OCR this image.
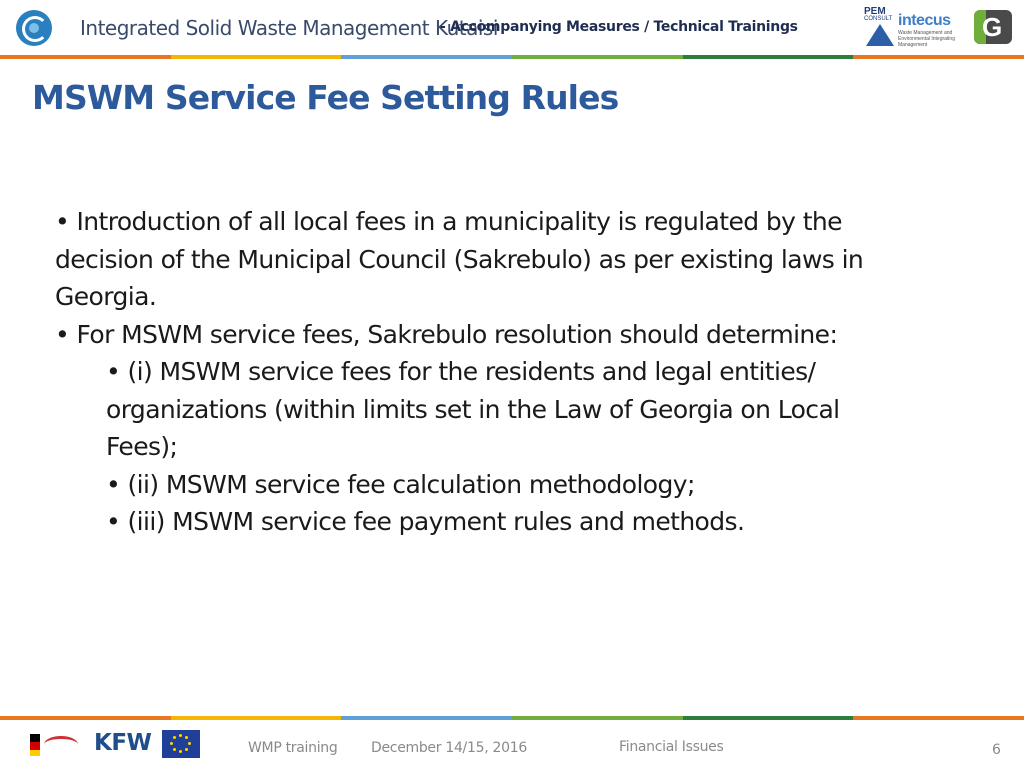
Integrated Solid Waste Management Kutaisi
- Accompanying Measures / Technical Trainings
PEM
CONSULT intecus
Waste Management and Environmental Integrating Management
G
MSWM Service Fee Setting Rules

• Introduction of all local fees in a municipality is regulated by the decision of the Municipal Council (Sakrebulo) as per existing laws in Georgia.

• For MSWM service fees, Sakrebulo resolution should determine:

• (i) MSWM service fees for the residents and legal entities/ organizations (within limits set in the Law of Georgia on Local Fees);

• (ii) MSWM service fee calculation methodology;

• (iii) MSWM service fee payment rules and methods.

KFW	WMP training December 14/15, 2016	Financial Issues	6
